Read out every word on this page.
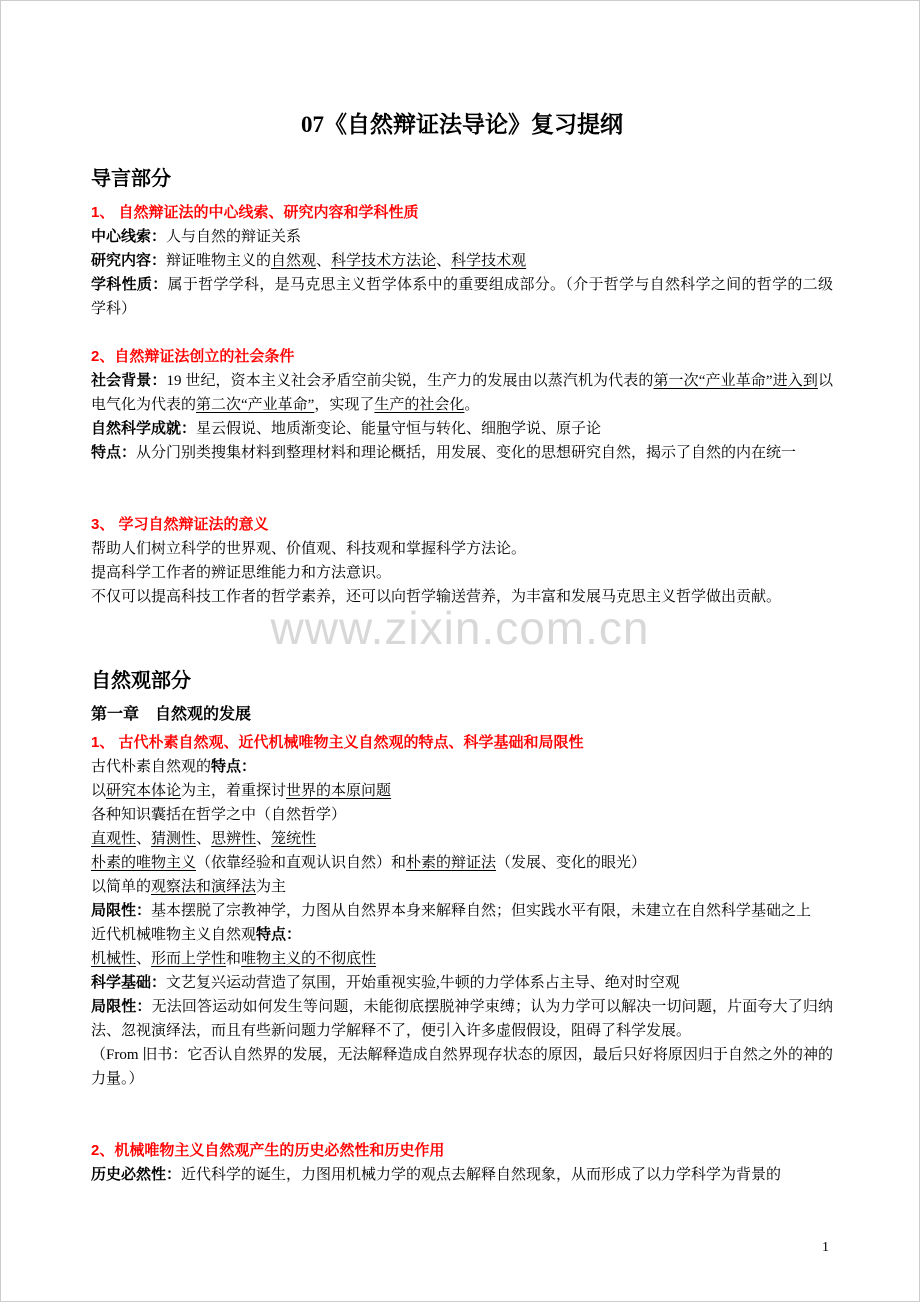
www.zixin.com.cn
07《自然辩证法导论》复习提纲
导言部分
1、 自然辩证法的中心线索、研究内容和学科性质
中心线索：人与自然的辩证关系
研究内容：辩证唯物主义的自然观、科学技术方法论、科学技术观
学科性质：属于哲学学科，是马克思主义哲学体系中的重要组成部分。（介于哲学与自然科学之间的哲学的二级学科）
2、自然辩证法创立的社会条件
社会背景：19 世纪，资本主义社会矛盾空前尖锐，生产力的发展由以蒸汽机为代表的第一次“产业革命”进入到以电气化为代表的第二次“产业革命”，实现了生产的社会化。
自然科学成就：星云假说、地质渐变论、能量守恒与转化、细胞学说、原子论
特点：从分门别类搜集材料到整理材料和理论概括，用发展、变化的思想研究自然，揭示了自然的内在统一
3、 学习自然辩证法的意义
帮助人们树立科学的世界观、价值观、科技观和掌握科学方法论。
提高科学工作者的辨证思维能力和方法意识。
不仅可以提高科技工作者的哲学素养，还可以向哲学输送营养，为丰富和发展马克思主义哲学做出贡献。
自然观部分
第一章　自然观的发展
1、 古代朴素自然观、近代机械唯物主义自然观的特点、科学基础和局限性
古代朴素自然观的特点：
以研究本体论为主，着重探讨世界的本原问题
各种知识囊括在哲学之中（自然哲学）
直观性、猜测性、思辨性、笼统性
朴素的唯物主义（依靠经验和直观认识自然）和朴素的辩证法（发展、变化的眼光）
以简单的观察法和演绎法为主
局限性：基本摆脱了宗教神学，力图从自然界本身来解释自然；但实践水平有限，未建立在自然科学基础之上
近代机械唯物主义自然观特点：
机械性、形而上学性和唯物主义的不彻底性
科学基础：文艺复兴运动营造了氛围，开始重视实验,牛顿的力学体系占主导、绝对时空观
局限性：无法回答运动如何发生等问题，未能彻底摆脱神学束缚；认为力学可以解决一切问题，片面夸大了归纳法、忽视演绎法，而且有些新问题力学解释不了，便引入许多虚假假设，阻碍了科学发展。
（From 旧书：它否认自然界的发展，无法解释造成自然界现存状态的原因，最后只好将原因归于自然之外的神的力量。）
2、机械唯物主义自然观产生的历史必然性和历史作用
历史必然性：近代科学的诞生，力图用机械力学的观点去解释自然现象，从而形成了以力学科学为背景的
1
